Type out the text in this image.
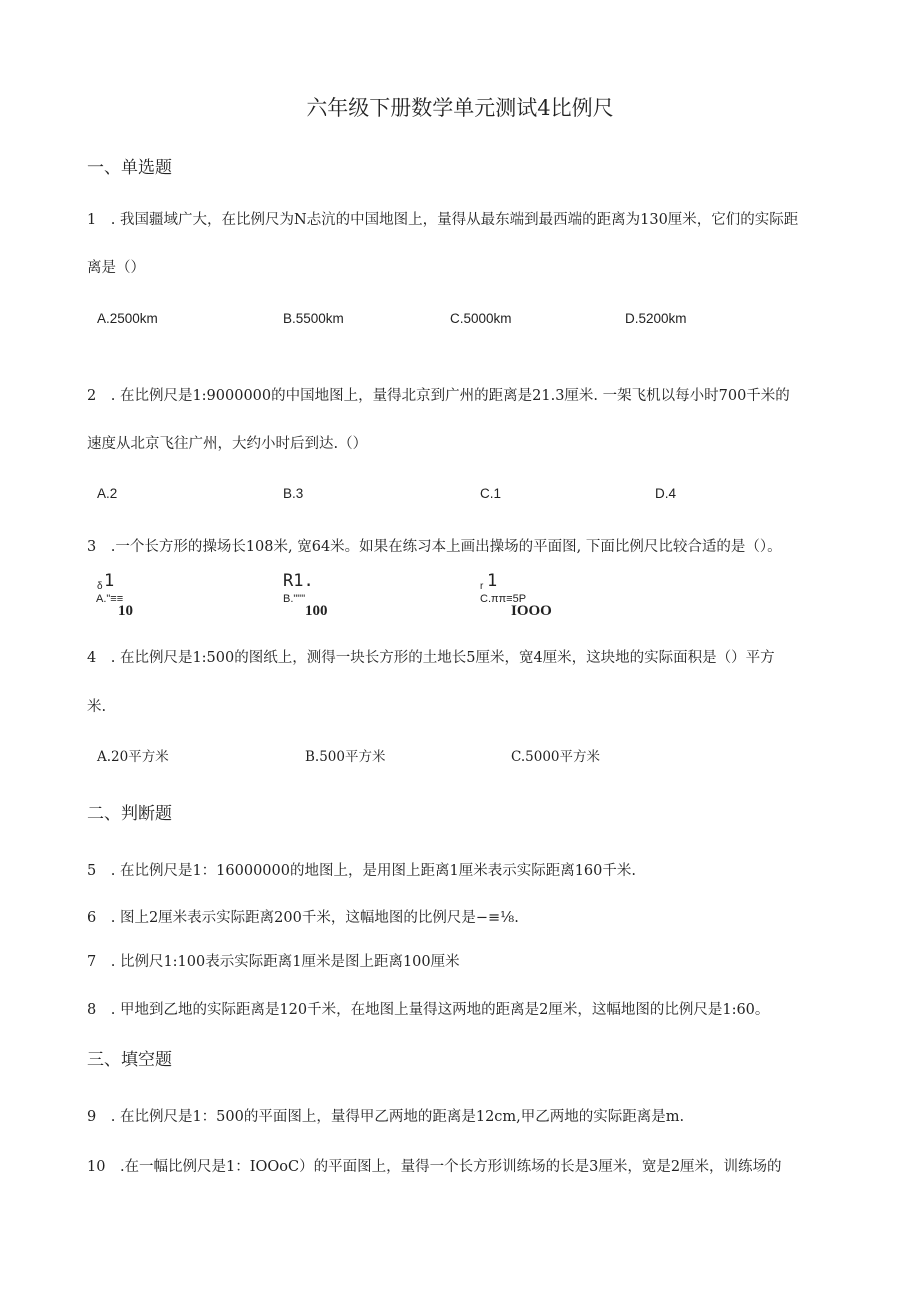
六年级下册数学单元测试4比例尺
一、单选题
1　. 我国疆域广大，在比例尺为N忐沆的中国地图上，量得从最东端到最西端的距离为130厘米，它们的实际距
离是（）
A.2500km	B.5500km	C.5000km	D.5200km
2　. 在比例尺是1:9000000的中国地图上，量得北京到广州的距离是21.3厘米. 一架飞机以每小时700千米的
速度从北京飞往广州，大约小时后到达.（）
A.2	B.3	C.1	D.4
3　.一个长方形的操场长108米, 宽64米。如果在练习本上画出操场的平面图, 下面比例尺比较合适的是（）。
δ 1
A."≡≡
10
R1.
B."""
100
r 1
C.ππ≡5P
IOOO
4　. 在比例尺是1:500的图纸上，测得一块长方形的土地长5厘米，宽4厘米，这块地的实际面积是（）平方
米.
A.20平方米	B.500平方米	C.5000平方米
二、判断题
5　. 在比例尺是1：16000000的地图上，是用图上距离1厘米表示实际距离160千米.
6　. 图上2厘米表示实际距离200千米，这幅地图的比例尺是−≡⅛.
7　. 比例尺1:100表示实际距离1厘米是图上距离100厘米
8　. 甲地到乙地的实际距离是120千米，在地图上量得这两地的距离是2厘米，这幅地图的比例尺是1:60。
三、填空题
9　. 在比例尺是1：500的平面图上，量得甲乙两地的距离是12cm,甲乙两地的实际距离是m.
10　.在一幅比例尺是1：IOOoC）的平面图上，量得一个长方形训练场的长是3厘米，宽是2厘米，训练场的
